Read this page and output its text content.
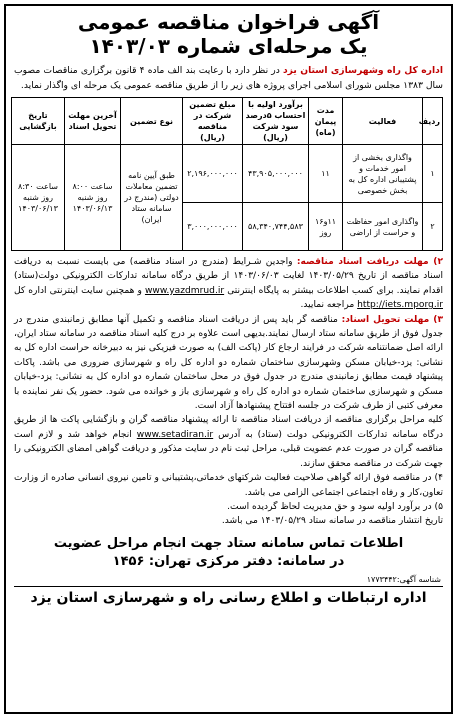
آگهی فراخوان مناقصه عمومی
یک مرحله‌ای شماره ۱۴۰۳/۰۳
اداره کل راه وشهرسازی استان یزد در نظر دارد با رعایت بند الف ماده ۴ قانون برگزاری مناقصات مصوب سال ۱۳۸۳ مجلس شورای اسلامی اجرای پروژه های زیر را از طریق مناقصه عمومی یک مرحله ای واگذار نماید.
ردیف	فعالیت	مدت پیمان (ماه)	برآورد اولیه با احتساب ۵درصد سود شرکت (ریال)	مبلغ تضمین شرکت در مناقصه (ریال)	نوع تضمین	آخرین مهلت تحویل اسناد	تاریخ بازگشایی
۱	واگذاری بخشی از امور خدمات و پشتیبانی اداره کل به بخش خصوصی	۱۱	۴۳,۹۰۵,۰۰۰,۰۰۰	۲,۱۹۶,۰۰۰,۰۰۰	طبق آیین نامه تضمین معاملات دولتی (مندرج در سامانه ستاد ایران)	ساعت ۸:۰۰ روز شنبه ۱۴۰۳/۰۶/۱۳	ساعت ۸:۳۰ روز شنبه ۱۴۰۳/۰۶/۱۳
۲	واگذاری امور حفاظت و حراست از اراضی	۱۱و۱۶ روز	۵۸,۳۴۰,۷۴۴,۵۸۳	۳,۰۰۰,۰۰۰,۰۰۰			

۲) مهلت دریافت اسناد مناقصه: واجدین شـرایط (مندرج در اسناد مناقصه) می بایست نسبت به دریافت اسناد مناقصه از تاریخ ۱۴۰۳/۰۵/۲۹ لغایت ۱۴۰۳/۰۶/۰۳ از طریق درگاه سامانه تدارکات الکترونیکی دولت(ستاد) اقدام نمایند. برای کسب اطلاعات بیشتر به پایگاه اینترنتی www.yazdmrud.ir و همچنین سایت اینترنتی اداره کل http://iets.mporg.ir مراجعه نمایید.

۳) مهلت تحویل اسناد: مناقصه گر باید پس از دریافت اسناد مناقصه و تکمیل آنها مطابق زمانبندی مندرج در جدول فوق از طریق سامانه ستاد ارسال نمایند.بدیهی است علاوه بر درج کلیه اسناد مناقصه در سامانه ستاد ایران، ارائه اصل ضمانتنامه شرکت در فرایند ارجاع کار (پاکت الف) به صورت فیزیکی نیز به دبیرخانه حراست اداره کل به نشانی: یزد-خیابان مسکن وشهرسازی ساختمان شماره دو اداره کل راه و شهرسازی ضروری می باشد. پاکات پیشنهاد قیمت مطابق زمانبندی مندرج در جدول فوق در محل ساختمان شماره دو اداره کل به نشانی: یزد-خیابان مسکن و شهرسازی ساختمان شماره دو اداره کل راه و شهرسازی باز و خوانده می شود. حضور یک نفر نماینده با معرفی کتبی از طرف شرکت در جلسه افتتاح پیشنهادها آزاد است.

کلیه مراحل برگزاری مناقصه از دریافت اسناد مناقصه تا ارائه پیشنهاد مناقصه گران و بازگشایی پاکت ها از طریق درگاه سامانه تدارکات الکترونیکی دولت (ستاد) به آدرس www.setadiran.ir انجام خواهد شد و لازم است مناقصه گران در صورت عدم عضویت قبلی، مراحل ثبت نام در سایت مذکور و دریافت گواهی امضای الکترونیکی را جهت شرکت در مناقصه محقق سازند.

۴) در مناقصه فوق ارائه گواهی صلاحیت فعالیت شرکتهای خدماتی،پشتیبانی و تامین نیروی انسانی صادره از وزارت تعاون،کار و رفاه اجتماعی اجتماعی الزامی می باشد.

۵) در برآورد اولیه سود و حق مدیریت لحاظ گردیده است.

تاریخ انتشار مناقصه در سامانه ستاد ۱۴۰۳/۰۵/۲۹ می باشد.

اطلاعات تماس سامانه ستاد جهت انجام مراحل عضویت
در سامانه: دفتر مرکزی تهران: ۱۴۵۶
شناسه آگهی:۱۷۷۳۴۴۲
اداره ارتباطات و اطلاع رسانی راه و شهرسازی استان یزد
